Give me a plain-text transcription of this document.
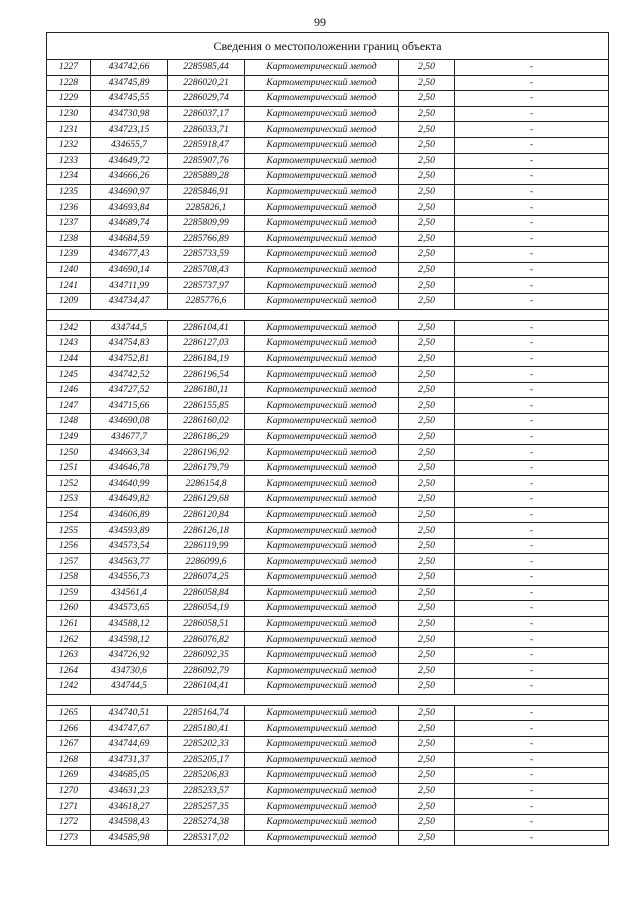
99
Сведения о местоположении границ объекта					
1227	434742,66	2285985,44	Картометрический метод	2,50	-
1228	434745,89	2286020,21	Картометрический метод	2,50	-
1229	434745,55	2286029,74	Картометрический метод	2,50	-
1230	434730,98	2286037,17	Картометрический метод	2,50	-
1231	434723,15	2286033,71	Картометрический метод	2,50	-
1232	434655,7	2285918,47	Картометрический метод	2,50	-
1233	434649,72	2285907,76	Картометрический метод	2,50	-
1234	434666,26	2285889,28	Картометрический метод	2,50	-
1235	434690,97	2285846,91	Картометрический метод	2,50	-
1236	434693,84	2285826,1	Картометрический метод	2,50	-
1237	434689,74	2285809,99	Картометрический метод	2,50	-
1238	434684,59	2285766,89	Картометрический метод	2,50	-
1239	434677,43	2285733,59	Картометрический метод	2,50	-
1240	434690,14	2285708,43	Картометрический метод	2,50	-
1241	434711,99	2285737,97	Картометрический метод	2,50	-
1209	434734,47	2285776,6	Картометрический метод	2,50	-

1242	434744,5	2286104,41	Картометрический метод	2,50	-
1243	434754,83	2286127,03	Картометрический метод	2,50	-
1244	434752,81	2286184,19	Картометрический метод	2,50	-
1245	434742,52	2286196,54	Картометрический метод	2,50	-
1246	434727,52	2286180,11	Картометрический метод	2,50	-
1247	434715,66	2286155,85	Картометрический метод	2,50	-
1248	434690,08	2286160,02	Картометрический метод	2,50	-
1249	434677,7	2286186,29	Картометрический метод	2,50	-
1250	434663,34	2286196,92	Картометрический метод	2,50	-
1251	434646,78	2286179,79	Картометрический метод	2,50	-
1252	434640,99	2286154,8	Картометрический метод	2,50	-
1253	434649,82	2286129,68	Картометрический метод	2,50	-
1254	434606,89	2286120,84	Картометрический метод	2,50	-
1255	434593,89	2286126,18	Картометрический метод	2,50	-
1256	434573,54	2286119,99	Картометрический метод	2,50	-
1257	434563,77	2286099,6	Картометрический метод	2,50	-
1258	434556,73	2286074,25	Картометрический метод	2,50	-
1259	434561,4	2286058,84	Картометрический метод	2,50	-
1260	434573,65	2286054,19	Картометрический метод	2,50	-
1261	434588,12	2286058,51	Картометрический метод	2,50	-
1262	434598,12	2286076,82	Картометрический метод	2,50	-
1263	434726,92	2286092,35	Картометрический метод	2,50	-
1264	434730,6	2286092,79	Картометрический метод	2,50	-
1242	434744,5	2286104,41	Картометрический метод	2,50	-

1265	434740,51	2285164,74	Картометрический метод	2,50	-
1266	434747,67	2285180,41	Картометрический метод	2,50	-
1267	434744,69	2285202,33	Картометрический метод	2,50	-
1268	434731,37	2285205,17	Картометрический метод	2,50	-
1269	434685,05	2285206,83	Картометрический метод	2,50	-
1270	434631,23	2285233,57	Картометрический метод	2,50	-
1271	434618,27	2285257,35	Картометрический метод	2,50	-
1272	434598,43	2285274,38	Картометрический метод	2,50	-
1273	434585,98	2285317,02	Картометрический метод	2,50	-
